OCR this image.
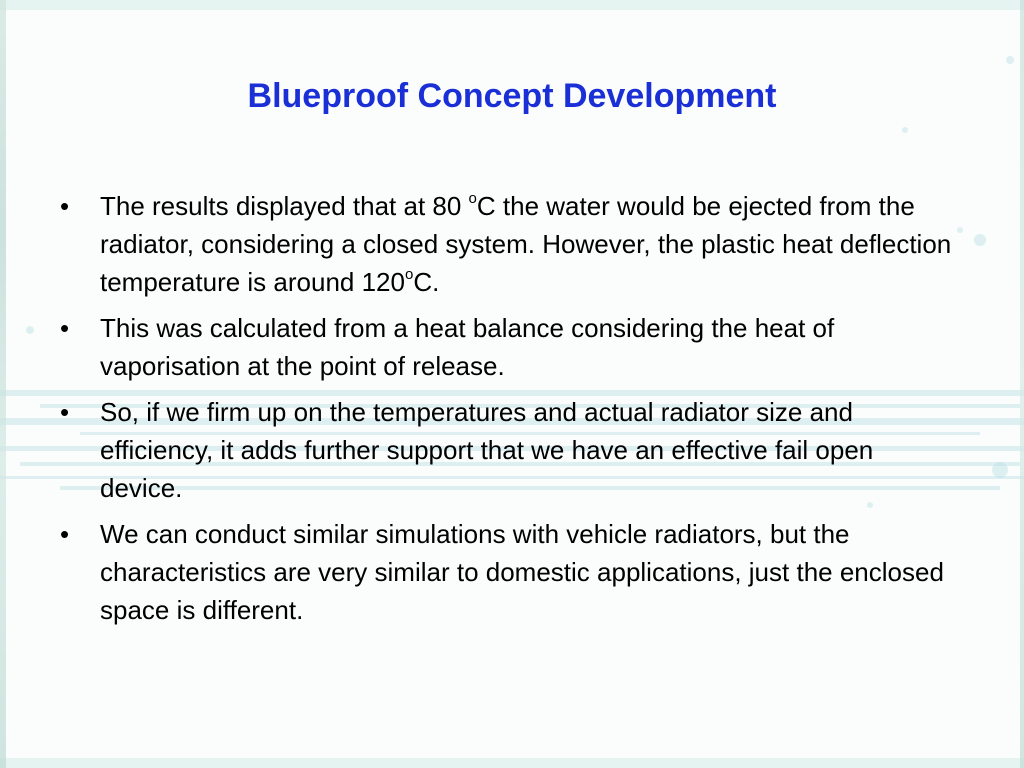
Blueproof Concept Development
• The results displayed that at 80 $^o$C the water would be ejected from the radiator, considering a closed system. However, the plastic heat deflection temperature is around 120$^o$C.
• This was calculated from a heat balance considering the heat of vaporisation at the point of release.
• So, if we firm up on the temperatures and actual radiator size and efficiency, it adds further support that we have an effective fail open device.
• We can conduct similar simulations with vehicle radiators, but the characteristics are very similar to domestic applications, just the enclosed space is different.
